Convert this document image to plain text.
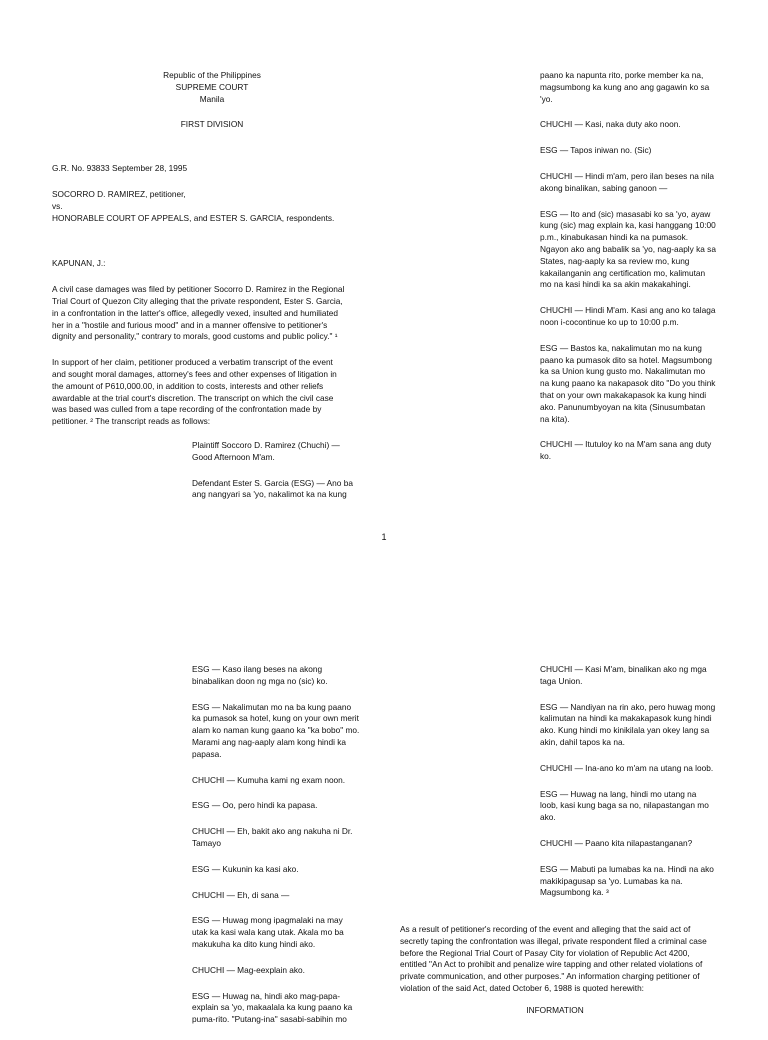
Republic of the Philippines

SUPREME COURT

Manila

FIRST DIVISION

G.R. No. 93833 September 28, 1995

SOCORRO D. RAMIREZ, petitioner,

vs.

HONORABLE COURT OF APPEALS, and ESTER S. GARCIA, respondents.

KAPUNAN, J.:

A civil case damages was filed by petitioner Socorro D. Ramirez in the Regional Trial Court of Quezon City alleging that the private respondent, Ester S. Garcia, in a confrontation in the latter's office, allegedly vexed, insulted and humiliated her in a "hostile and furious mood" and in a manner offensive to petitioner's dignity and personality," contrary to morals, good customs and public policy." ¹

In support of her claim, petitioner produced a verbatim transcript of the event and sought moral damages, attorney's fees and other expenses of litigation in the amount of P610,000.00, in addition to costs, interests and other reliefs awardable at the trial court's discretion. The transcript on which the civil case was based was culled from a tape recording of the confrontation made by petitioner. ² The transcript reads as follows:

Plaintiff Soccoro D. Ramirez (Chuchi) — Good Afternoon M'am.

Defendant Ester S. Garcia (ESG) — Ano ba ang nangyari sa 'yo, nakalimot ka na kung

paano ka napunta rito, porke member ka na, magsumbong ka kung ano ang gagawin ko sa 'yo.

CHUCHI — Kasi, naka duty ako noon.

ESG — Tapos iniwan no. (Sic)

CHUCHI — Hindi m'am, pero ilan beses na nila akong binalikan, sabing ganoon —

ESG — Ito and (sic) masasabi ko sa 'yo, ayaw kung (sic) mag explain ka, kasi hanggang 10:00 p.m., kinabukasan hindi ka na pumasok. Ngayon ako ang babalik sa 'yo, nag-aaply ka sa States, nag-aaply ka sa review mo, kung kakailanganin ang certification mo, kalimutan mo na kasi hindi ka sa akin makakahingi.

CHUCHI — Hindi M'am. Kasi ang ano ko talaga noon i-cocontinue ko up to 10:00 p.m.

ESG — Bastos ka, nakalimutan mo na kung paano ka pumasok dito sa hotel. Magsumbong ka sa Union kung gusto mo. Nakalimutan mo na kung paano ka nakapasok dito "Do you think that on your own makakapasok ka kung hindi ako. Panunumbyoyan na kita (Sinusumbatan na kita).

CHUCHI — Itutuloy ko na M'am sana ang duty ko.

1

ESG — Kaso ilang beses na akong binabalikan doon ng mga no (sic) ko.

ESG — Nakalimutan mo na ba kung paano ka pumasok sa hotel, kung on your own merit alam ko naman kung gaano ka "ka bobo" mo. Marami ang nag-aaply alam kong hindi ka papasa.

CHUCHI — Kumuha kami ng exam noon.

ESG — Oo, pero hindi ka papasa.

CHUCHI — Eh, bakit ako ang nakuha ni Dr. Tamayo

ESG — Kukunin ka kasi ako.

CHUCHI — Eh, di sana —

ESG — Huwag mong ipagmalaki na may utak ka kasi wala kang utak. Akala mo ba makukuha ka dito kung hindi ako.

CHUCHI — Mag-eexplain ako.

ESG — Huwag na, hindi ako mag-papa-explain sa 'yo, makaalala ka kung paano ka puma-rito. "Putang-ina" sasabi-sabihin mo

CHUCHI — Kasi M'am, binalikan ako ng mga taga Union.

ESG — Nandiyan na rin ako, pero huwag mong kalimutan na hindi ka makakapasok kung hindi ako. Kung hindi mo kinikilala yan okey lang sa akin, dahil tapos ka na.

CHUCHI — Ina-ano ko m'am na utang na loob.

ESG — Huwag na lang, hindi mo utang na loob, kasi kung baga sa no, nilapastangan mo ako.

CHUCHI — Paano kita nilapastanganan?

ESG — Mabuti pa lumabas ka na. Hindi na ako makikipagusap sa 'yo. Lumabas ka na. Magsumbong ka. ³

As a result of petitioner's recording of the event and alleging that the said act of secretly taping the confrontation was illegal, private respondent filed a criminal case before the Regional Trial Court of Pasay City for violation of Republic Act 4200, entitled "An Act to prohibit and penalize wire tapping and other related violations of private communication, and other purposes." An information charging petitioner of violation of the said Act, dated October 6, 1988 is quoted herewith:

INFORMATION
